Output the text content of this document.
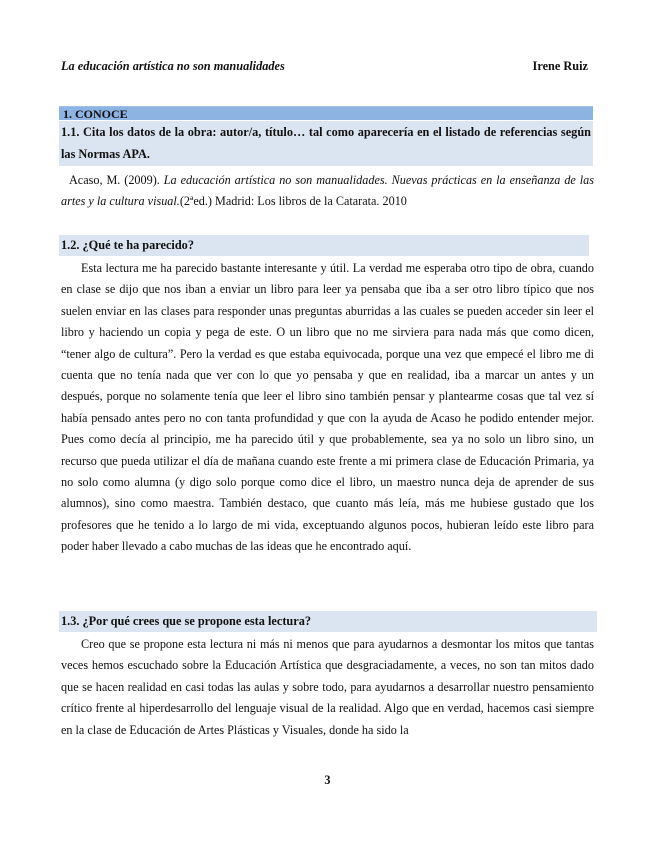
La educación artística no son manualidades	Irene Ruiz
1. CONOCE
1.1. Cita los datos de la obra: autor/a, título… tal como aparecería en el listado de referencias según las Normas APA.

Acaso, M. (2009). La educación artística no son manualidades. Nuevas prácticas en la enseñanza de las artes y la cultura visual.(2ªed.) Madrid: Los libros de la Catarata. 2010

1.2. ¿Qué te ha parecido?

Esta lectura me ha parecido bastante interesante y útil. La verdad me esperaba otro tipo de obra, cuando en clase se dijo que nos iban a enviar un libro para leer ya pensaba que iba a ser otro libro típico que nos suelen enviar en las clases para responder unas preguntas aburridas a las cuales se pueden acceder sin leer el libro y haciendo un copia y pega de este. O un libro que no me sirviera para nada más que como dicen, “tener algo de cultura”. Pero la verdad es que estaba equivocada, porque una vez que empecé el libro me di cuenta que no tenía nada que ver con lo que yo pensaba y que en realidad, iba a marcar un antes y un después, porque no solamente tenía que leer el libro sino también pensar y plantearme cosas que tal vez sí había pensado antes pero no con tanta profundidad y que con la ayuda de Acaso he podido entender mejor. Pues como decía al principio, me ha parecido útil y que probablemente, sea ya no solo un libro sino, un recurso que pueda utilizar el día de mañana cuando este frente a mi primera clase de Educación Primaria, ya no solo como alumna (y digo solo porque como dice el libro, un maestro nunca deja de aprender de sus alumnos), sino como maestra. También destaco, que cuanto más leía, más me hubiese gustado que los profesores que he tenido a lo largo de mi vida, exceptuando algunos pocos, hubieran leído este libro para poder haber llevado a cabo muchas de las ideas que he encontrado aquí.

1.3. ¿Por qué crees que se propone esta lectura?

Creo que se propone esta lectura ni más ni menos que para ayudarnos a desmontar los mitos que tantas veces hemos escuchado sobre la Educación Artística que desgraciadamente, a veces, no son tan mitos dado que se hacen realidad en casi todas las aulas y sobre todo, para ayudarnos a desarrollar nuestro pensamiento crítico frente al hiperdesarrollo del lenguaje visual de la realidad. Algo que en verdad, hacemos casi siempre en la clase de Educación de Artes Plásticas y Visuales, donde ha sido la

3
